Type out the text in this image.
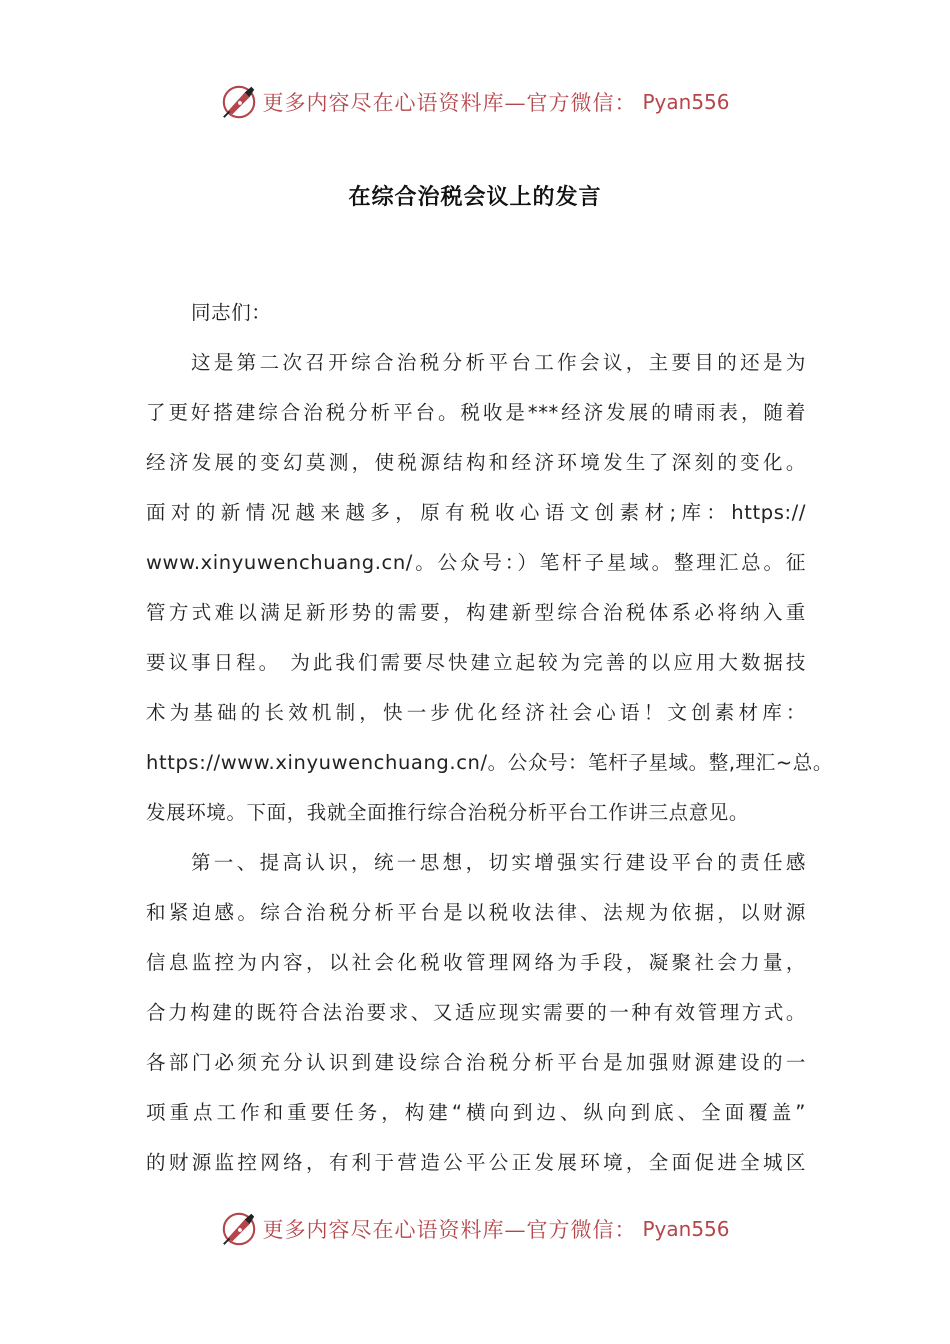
更多内容尽在心语资料库—官方微信： Pyan556
在综合治税会议上的发言
同志们：
这是第二次召开综合治税分析平台工作会议，主要目的还是为
了更好搭建综合治税分析平台。税收是***经济发展的晴雨表，随着
经济发展的变幻莫测，使税源结构和经济环境发生了深刻的变化。
面对的新情况越来越多，原有税收心语文创素材;库：https://
www.xinyuwenchuang.cn/。公众号：）笔杆子星域。整理汇总。征
管方式难以满足新形势的需要，构建新型综合治税体系必将纳入重
要议事日程。 为此我们需要尽快建立起较为完善的以应用大数据技
术为基础的长效机制，快一步优化经济社会心语！文创素材库：
https://www.xinyuwenchuang.cn/。公众号：笔杆子星域。整,理汇~总。
发展环境。下面，我就全面推行综合治税分析平台工作讲三点意见。
第一、提高认识，统一思想，切实增强实行建设平台的责任感
和紧迫感。综合治税分析平台是以税收法律、法规为依据，以财源
信息监控为内容，以社会化税收管理网络为手段，凝聚社会力量，
合力构建的既符合法治要求、又适应现实需要的一种有效管理方式。
各部门必须充分认识到建设综合治税分析平台是加强财源建设的一
项重点工作和重要任务，构建“横向到边、纵向到底、全面覆盖”
的财源监控网络，有利于营造公平公正发展环境，全面促进全城区
更多内容尽在心语资料库—官方微信： Pyan556
